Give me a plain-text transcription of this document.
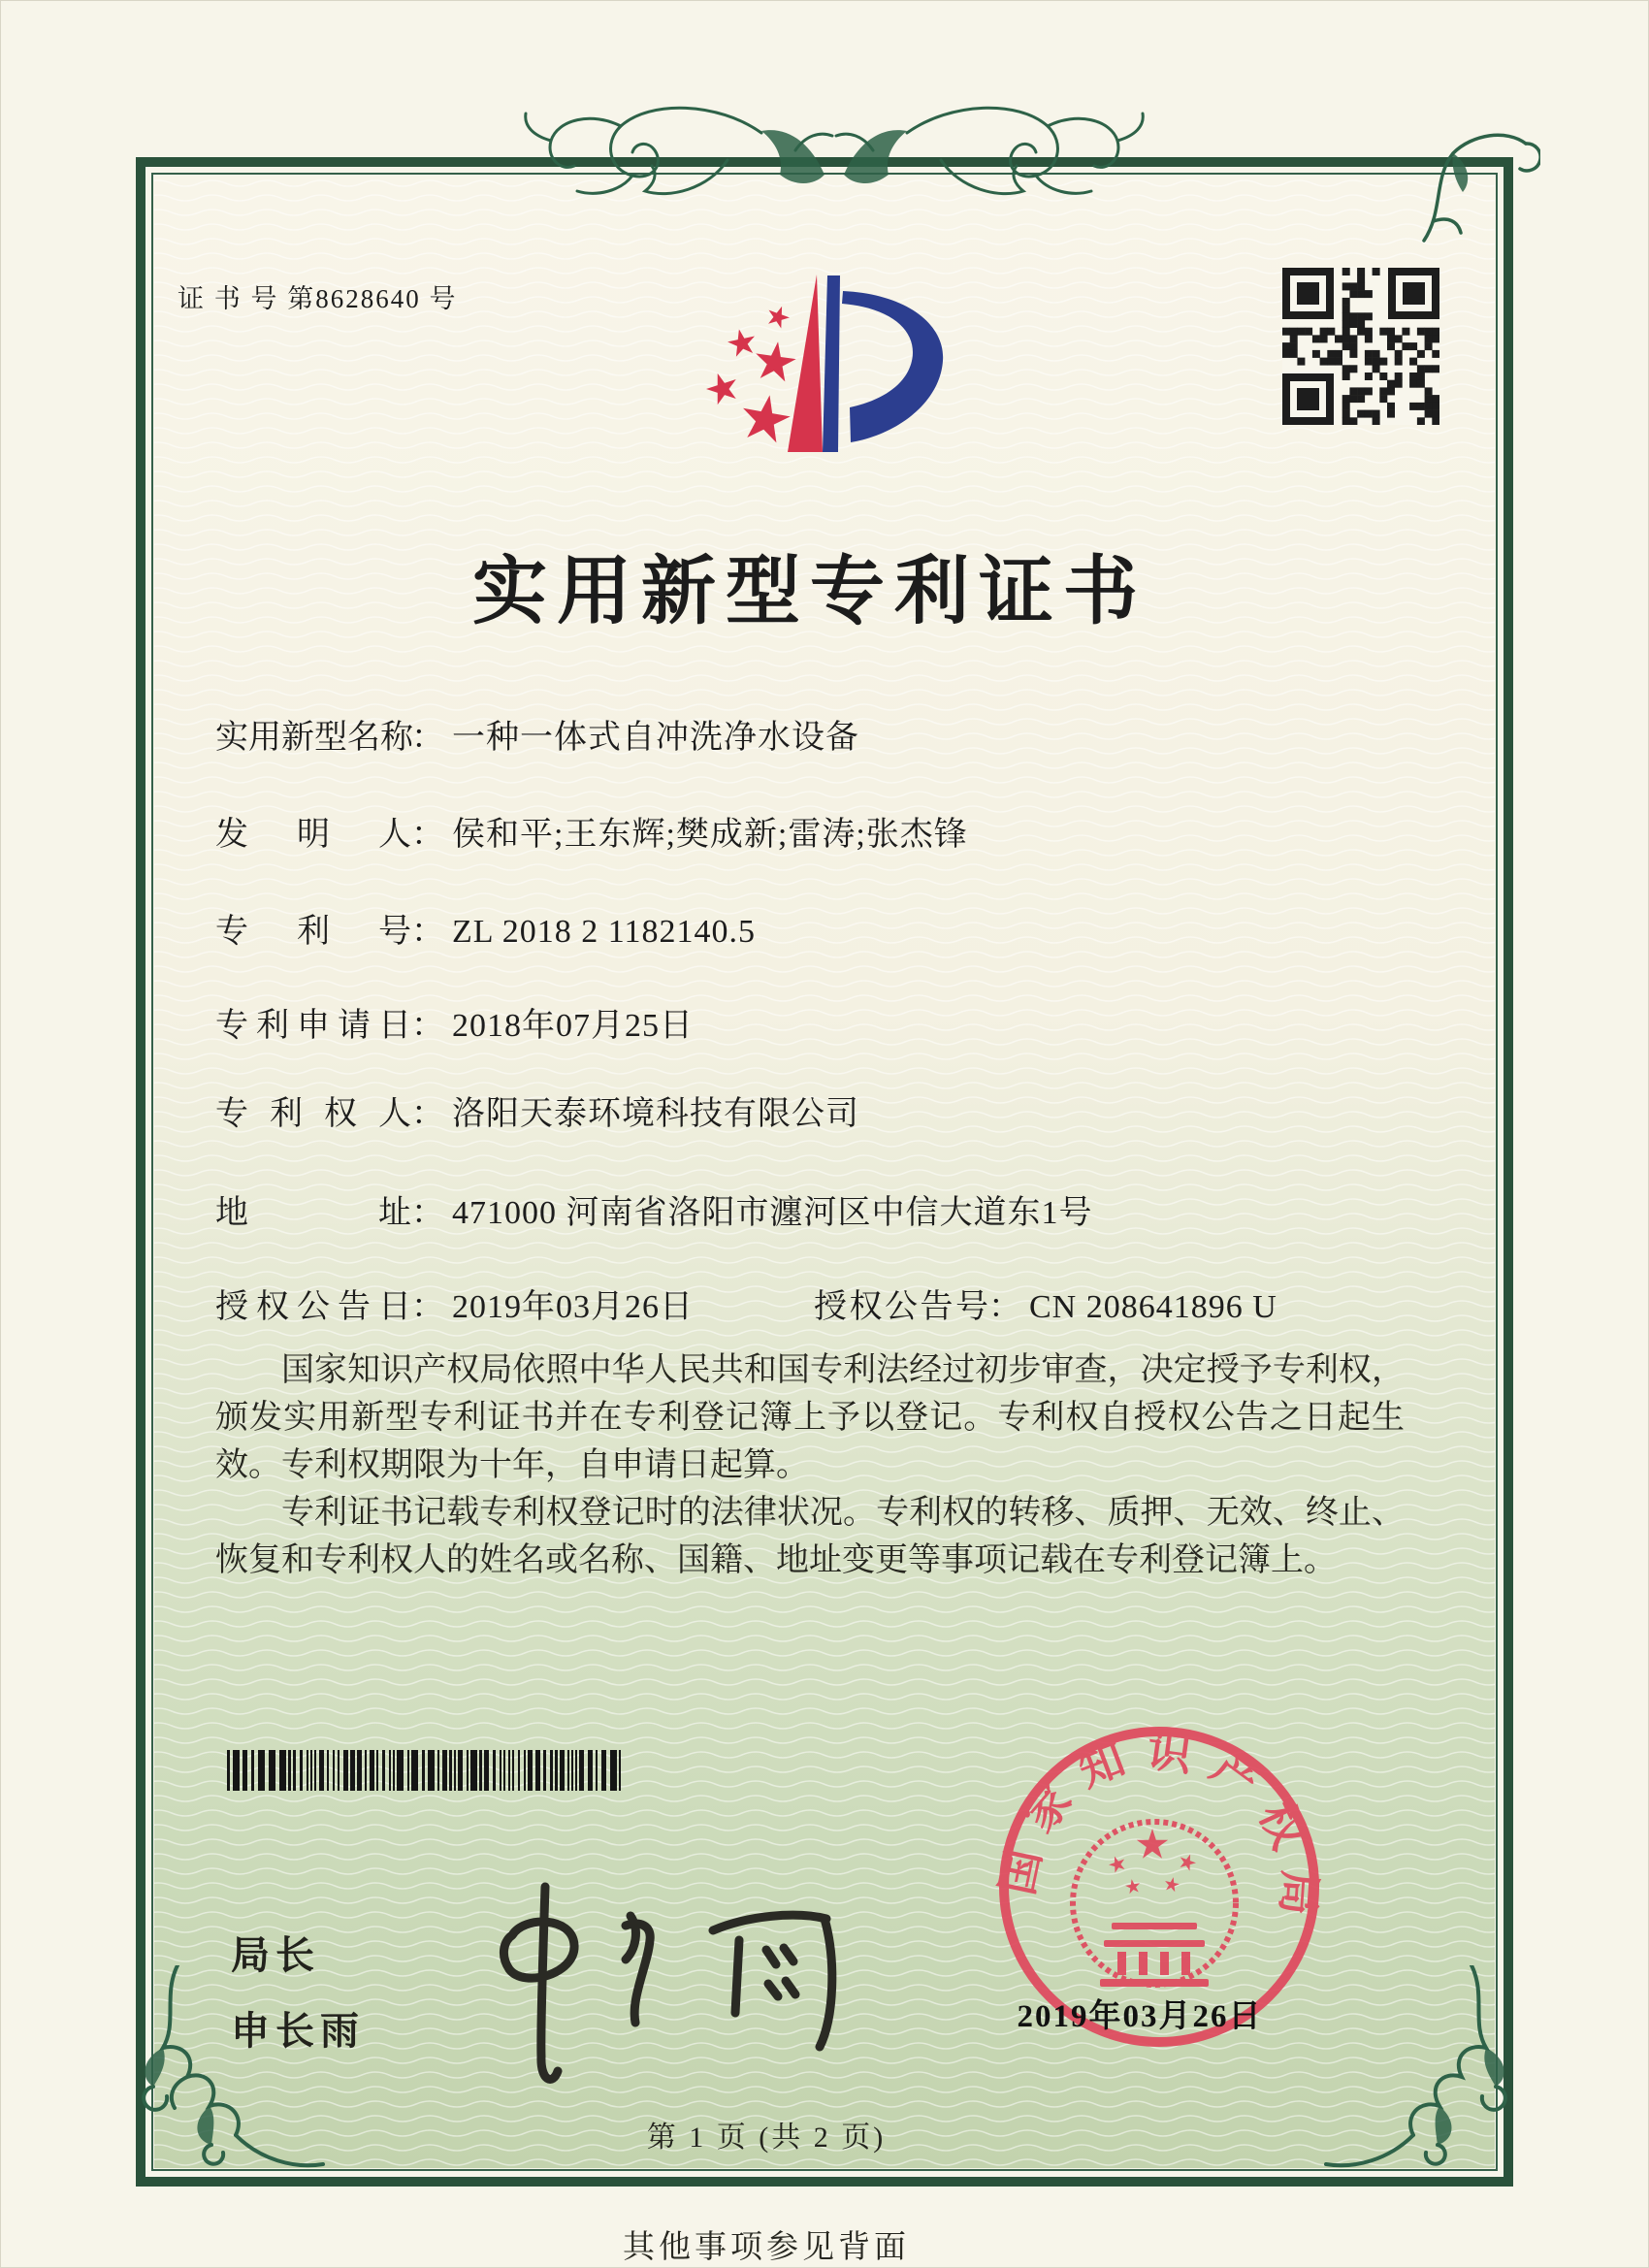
证 书 号 第8628640 号
实用新型专利证书
实用新型名称： 一种一体式自冲洗净水设备
发明人： 侯和平;王东辉;樊成新;雷涛;张杰锋
专利号： ZL 2018 2 1182140.5
专利申请日： 2018年07月25日
专利权人： 洛阳天泰环境科技有限公司
地址： 471000 河南省洛阳市瀍河区中信大道东1号
授权公告日： 2019年03月26日	授权公告号： CN 208641896 U

国家知识产权局依照中华人民共和国专利法经过初步审查，决定授予专利权，颁发实用新型专利证书并在专利登记簿上予以登记。专利权自授权公告之日起生效。专利权期限为十年，自申请日起算。

专利证书记载专利权登记时的法律状况。专利权的转移、质押、无效、终止、恢复和专利权人的姓名或名称、国籍、地址变更等事项记载在专利登记簿上。

局长
申长雨
国家知识产权局
2019年03月26日
第 1 页 (共 2 页)
其他事项参见背面
